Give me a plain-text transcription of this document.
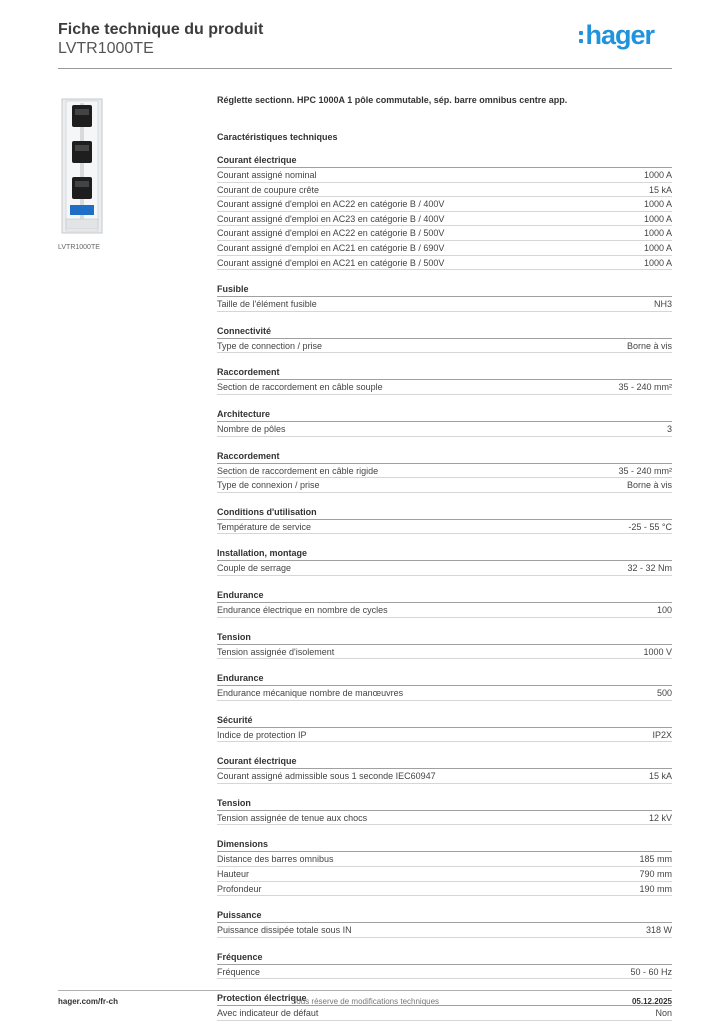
Fiche technique du produit
LVTR1000TE	hager
LVTR1000TE

Réglette sectionn. HPC 1000A 1 pôle commutable, sép. barre omnibus centre app.

Caractéristiques techniques
Courant électrique
Courant assigné nominal	1000 A
Courant de coupure crête	15 kA
Courant assigné d'emploi en AC22 en catégorie B / 400V	1000 A
Courant assigné d'emploi en AC23 en catégorie B / 400V	1000 A
Courant assigné d'emploi en AC22 en catégorie B / 500V	1000 A
Courant assigné d'emploi en AC21 en catégorie B / 690V	1000 A
Courant assigné d'emploi en AC21 en catégorie B / 500V	1000 A
Fusible
Taille de l'élément fusible	NH3
Connectivité
Type de connection / prise	Borne à vis
Raccordement
Section de raccordement en câble souple	35 - 240 mm²
Architecture
Nombre de pôles	3
Raccordement
Section de raccordement en câble rigide	35 - 240 mm²
Type de connexion / prise	Borne à vis
Conditions d'utilisation
Température de service	-25 - 55 °C
Installation, montage
Couple de serrage	32 - 32 Nm
Endurance
Endurance électrique en nombre de cycles	100
Tension
Tension assignée d'isolement	1000 V
Endurance
Endurance mécanique nombre de manœuvres	500
Sécurité
Indice de protection IP	IP2X
Courant électrique
Courant assigné admissible sous 1 seconde IEC60947	15 kA
Tension
Tension assignée de tenue aux chocs	12 kV
Dimensions
Distance des barres omnibus	185 mm
Hauteur	790 mm
Profondeur	190 mm
Puissance
Puissance dissipée totale sous IN	318 W
Fréquence
Fréquence	50 - 60 Hz
Protection électrique
Avec indicateur de défaut	Non
Sous réserve de modifications techniques
hager.com/fr-ch	05.12.2025
